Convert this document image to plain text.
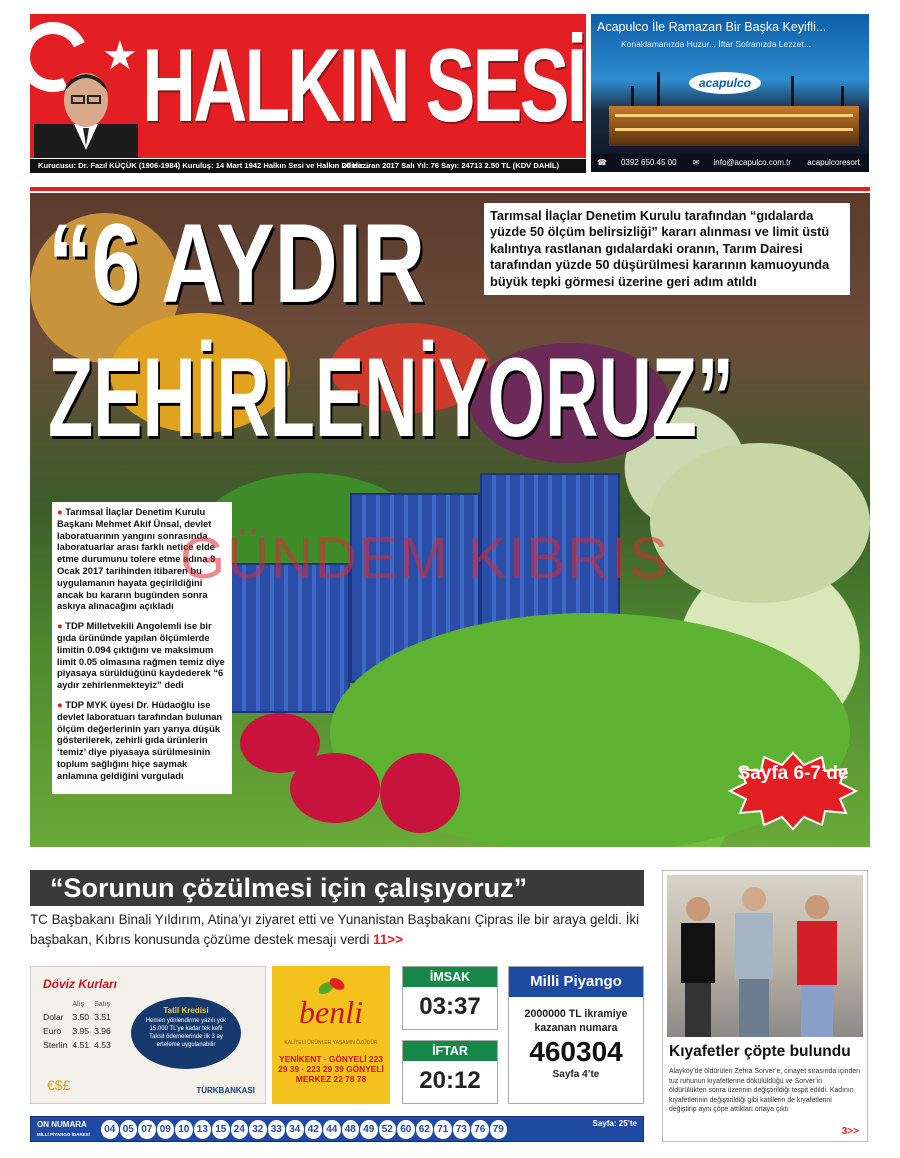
★ HALKIN SESİ
Kurucusu: Dr. Fazıl KÜÇÜK (1906-1984) Kuruluş: 14 Mart 1942 Halkın Sesi ve Halkın Dilidir...
20 Haziran 2017 Salı Yıl: 76 Sayı: 24713 2.50 TL (KDV DAHİL)
Acapulco İle Ramazan Bir Başka Keyifli...
Konaklamanızda Huzur... İftar Sofranızda Lezzet...
acapulco
☎ 0392 650 45 00 ✉ info@acapulco.com.tr acapulcoresort
“6 AYDIR
ZEHİRLENİYORUZ”
Tarımsal İlaçlar Denetim Kurulu tarafından “gıdalarda yüzde 50 ölçüm belirsizliği” kararı alınması ve limit üstü kalıntıya rastlanan gıdalardaki oranın, Tarım Dairesi tarafından yüzde 50 düşürülmesi kararının kamuoyunda büyük tepki görmesi üzerine geri adım atıldı
● Tarımsal İlaçlar Denetim Kurulu Başkanı Mehmet Akif Ünsal, devlet laboratuarının yangını sonrasında laboratuarlar arası farklı netice elde etme durumunu tolere etme adına 9 Ocak 2017 tarihinden itibaren bu uygulamanın hayata geçirildiğini ancak bu kararın bugünden sonra askıya alınacağını açıkladı
● TDP Milletvekili Angolemli ise bir gıda ürününde yapılan ölçümlerde limitin 0.094 çıktığını ve maksimum limit 0.05 olmasına rağmen temiz diye piyasaya sürüldüğünü kaydederek “6 aydır zehirlenmekteyiz” dedi
● TDP MYK üyesi Dr. Hüdaoğlu ise devlet laboratuarı tarafından bulunan ölçüm değerlerinin yarı yarıya düşük gösterilerek, zehirli gıda ürünlerin ‘temiz’ diye piyasaya sürülmesinin toplum sağlığını hiçe saymak anlamına geldiğini vurguladı
GÜNDEM KIBRIS
Sayfa 6-7’de
“Sorunun çözülmesi için çalışıyoruz”
TC Başbakanı Binali Yıldırım, Atina’yı ziyaret etti ve Yunanistan Başbakanı Çipras ile bir araya geldi. İki başbakan, Kıbrıs konusunda çözüme destek mesajı verdi 11>>
Kıyafetler çöpte bulundu
Alayköy’de öldürülen Zehra Sorver’e, cinayet sırasında içinden tuz ruhunun kıyafetlerine dökülüldüğü ve Sorver’in öldürülükten sonra üzerinin değiştirildiği tespit edildi. Kadının kıyafetlerinin değiştirildiği gibi katillerin de kıyafetlerini değiştirip aynı çöpe attıkları ortaya çıktı
3>>
Döviz Kurları
	Alış	Satış
Dolar	3.50	3.51
Euro	3.95	3.96
Sterlin	4.51	4.53
Tatil Kredisi
Hemen yönlendirme yazılı yok 15.000 TL’ye kadar tek kefil Taksit ödemelerinde ilk 3 ay erteleme uygulanabilir
€$£	TÜRKBANKASI
benli
KALİTELİ ÜRÜNLER YAŞAMIN ÖZÜDÜR
YENİKENT · GÖNYELİ 223 29 39 · 223 29 39 GÖNYELİ MERKEZ 22 78 78
İMSAK
03:37
İFTAR
20:12
Milli Piyango
2000000 TL ikramiye kazanan numara
460304
Sayfa 4’te
ON NUMARA
MİLLİ PİYANGO İDARESİ	04 05 07 09 10 13 15 24 32 33 34 42 44 48 49 52 60 62 71 73 76 79
Sayfa: 25’te
